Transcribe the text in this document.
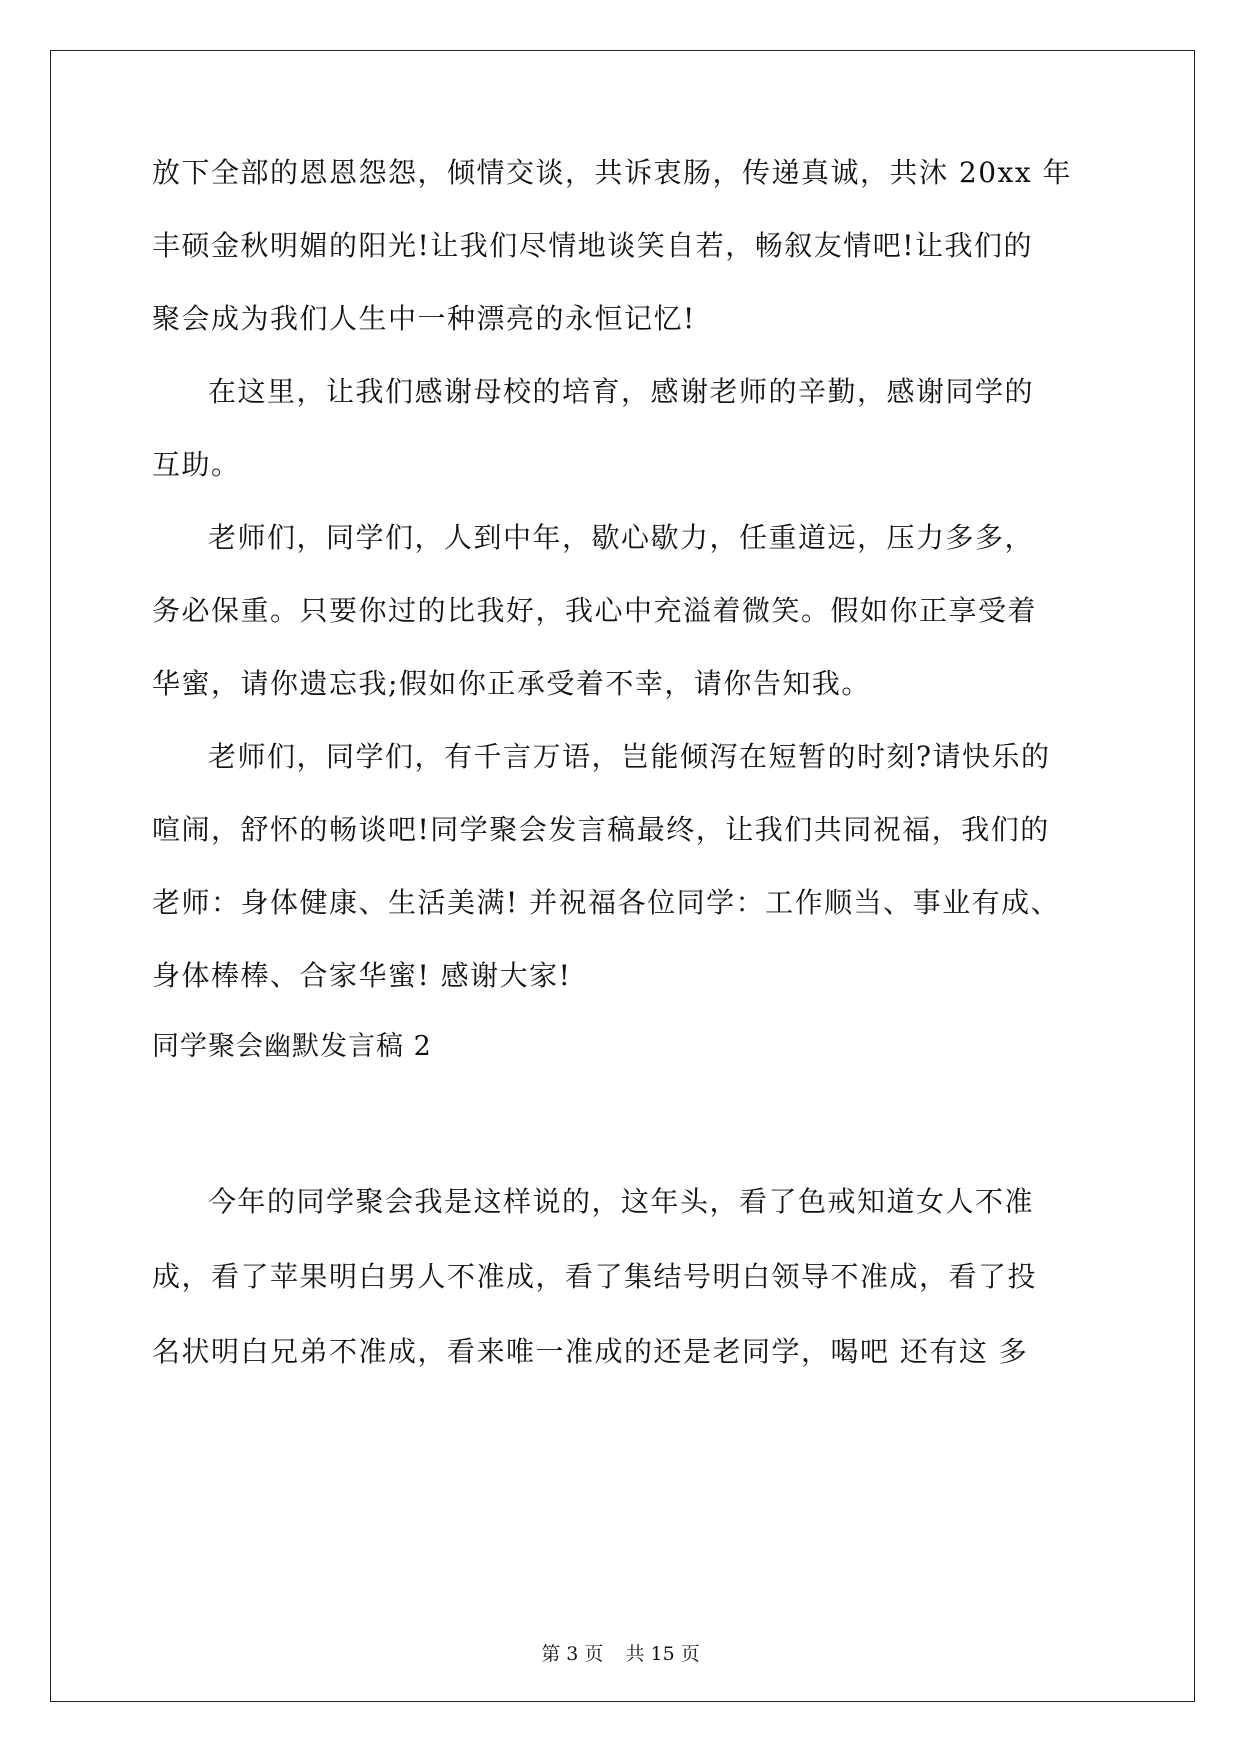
放下全部的恩恩怨怨，倾情交谈，共诉衷肠，传递真诚，共沐 20xx 年
丰硕金秋明媚的阳光!让我们尽情地谈笑自若，畅叙友情吧!让我们的
聚会成为我们人生中一种漂亮的永恒记忆!
在这里，让我们感谢母校的培育，感谢老师的辛勤，感谢同学的
互助。
老师们，同学们，人到中年，歇心歇力，任重道远，压力多多，
务必保重。只要你过的比我好，我心中充溢着微笑。假如你正享受着
华蜜，请你遗忘我;假如你正承受着不幸，请你告知我。
老师们，同学们，有千言万语，岂能倾泻在短暂的时刻?请快乐的
喧闹，舒怀的畅谈吧!同学聚会发言稿最终，让我们共同祝福，我们的
老师：身体健康、生活美满! 并祝福各位同学：工作顺当、事业有成、
身体棒棒、合家华蜜! 感谢大家!
同学聚会幽默发言稿 2
今年的同学聚会我是这样说的，这年头，看了色戒知道女人不准
成，看了苹果明白男人不准成，看了集结号明白领导不准成，看了投
名状明白兄弟不准成，看来唯一准成的还是老同学，喝吧 还有这 多
第 3 页 共 15 页
